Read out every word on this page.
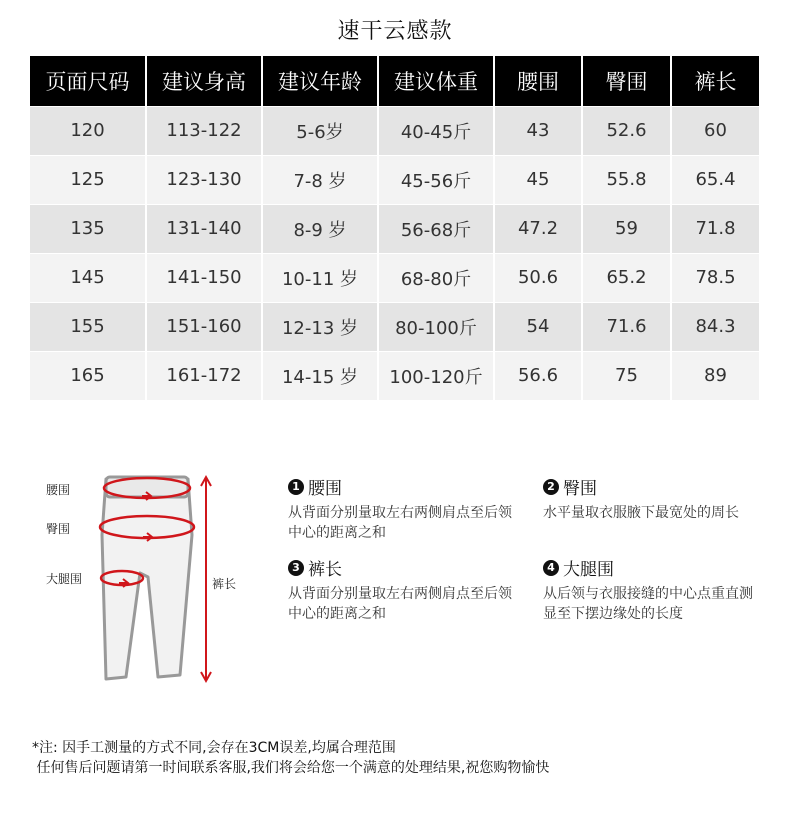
速干云感款
页面尺码	建议身高	建议年龄	建议体重	腰围	臀围	裤长
120	113-122	5-6岁	40-45斤	43	52.6	60
125	123-130	7-8 岁	45-56斤	45	55.8	65.4
135	131-140	8-9 岁	56-68斤	47.2	59	71.8
145	141-150	10-11 岁	68-80斤	50.6	65.2	78.5
155	151-160	12-13 岁	80-100斤	54	71.6	84.3
165	161-172	14-15 岁	100-120斤	56.6	75	89
腰围
臀围
大腿围	裤长
1 腰围
从背面分别量取左右两侧肩点至后领中心的距离之和
2 臀围
水平量取衣服腋下最宽处的周长
3 裤长
从背面分别量取左右两侧肩点至后领中心的距离之和
4 大腿围
从后领与衣服接缝的中心点重直测显至下摆边缘处的长度
*注: 因手工测量的方式不同,会存在3CM误差,均属合理范围
任何售后问题请第一时间联系客服,我们将会给您一个满意的处理结果,祝您购物愉快
